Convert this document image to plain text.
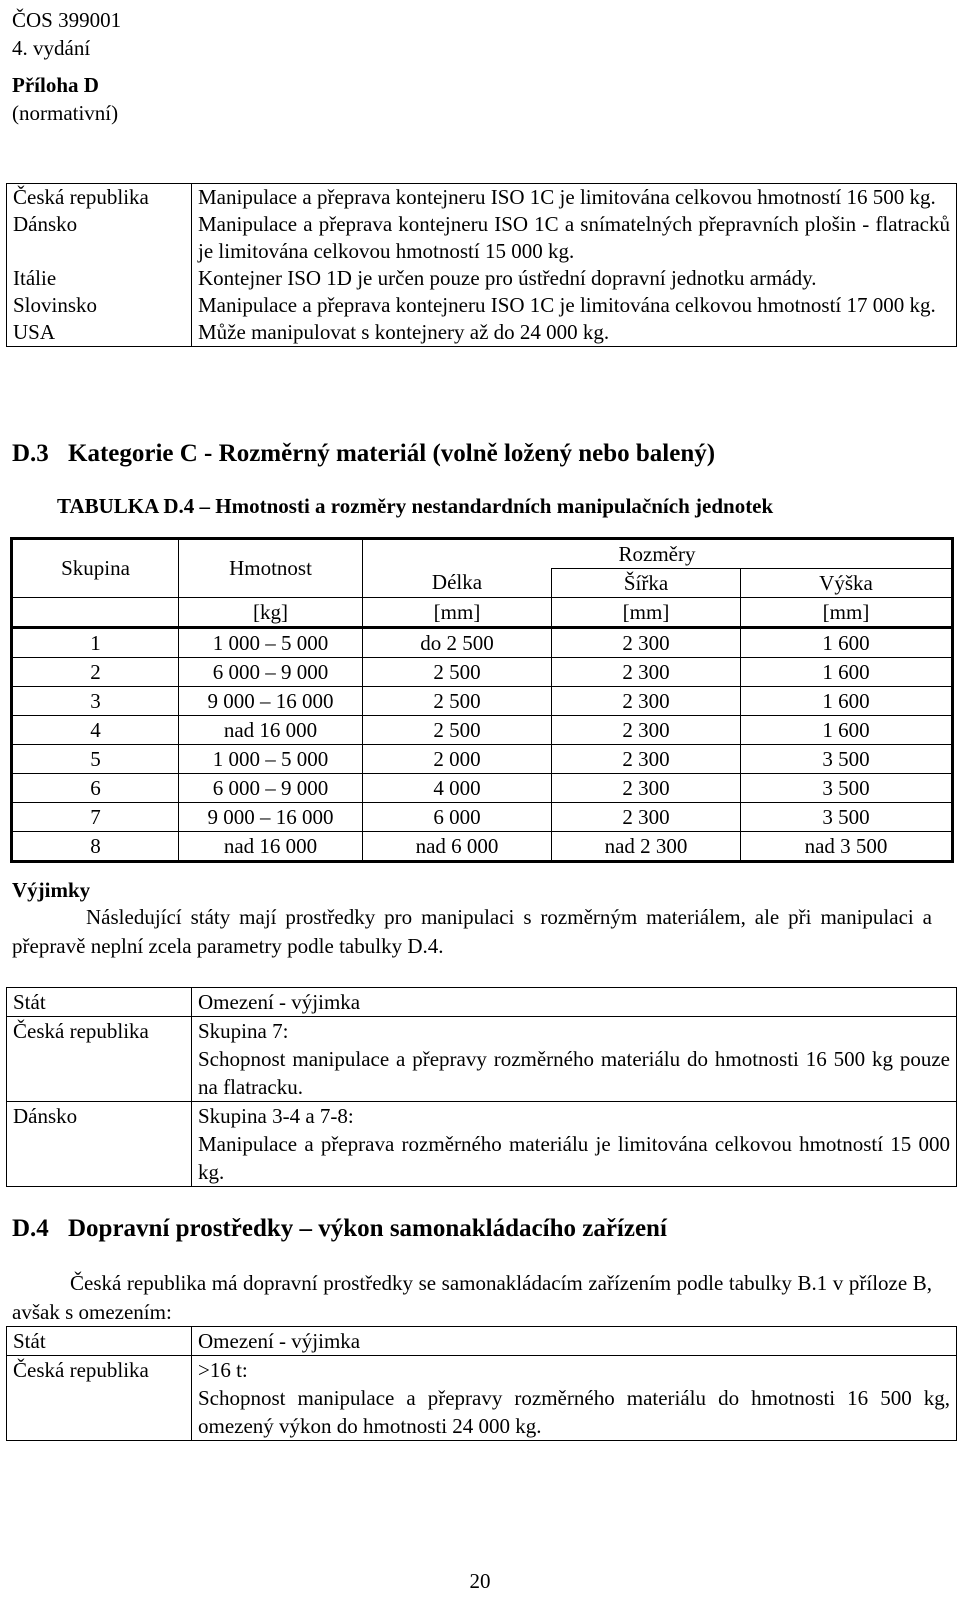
ČOS 399001
4. vydání
Příloha D
(normativní)
Česká republika	Manipulace a přeprava kontejneru ISO 1C je limitována celkovou hmotností 16 500 kg.
Dánsko	Manipulace a přeprava kontejneru ISO 1C a snímatelných přepravních plošin - flatracků je limitována celkovou hmotností 15 000 kg.
Itálie	Kontejner ISO 1D je určen pouze pro ústřední dopravní jednotku armády.
Slovinsko	Manipulace a přeprava kontejneru ISO 1C je limitována celkovou hmotností 17 000 kg.
USA	Může manipulovat s kontejnery až do 24 000 kg.
D.3 Kategorie C - Rozměrný materiál (volně ložený nebo balený)
TABULKA D.4 – Hmotnosti a rozměry nestandardních manipulačních jednotek
Skupina	Hmotnost	Rozměry		
		Délka	Šířka	Výška
	[kg]	[mm]	[mm]	[mm]
1	1 000 – 5 000	do 2 500	2 300	1 600
2	6 000 – 9 000	2 500	2 300	1 600
3	9 000 – 16 000	2 500	2 300	1 600
4	nad 16 000	2 500	2 300	1 600
5	1 000 – 5 000	2 000	2 300	3 500
6	6 000 – 9 000	4 000	2 300	3 500
7	9 000 – 16 000	6 000	2 300	3 500
8	nad 16 000	nad 6 000	nad 2 300	nad 3 500
Výjimky
Následující státy mají prostředky pro manipulaci s rozměrným materiálem, ale při manipulaci a přepravě neplní zcela parametry podle tabulky D.4.
Stát	Omezení - výjimka
Česká republika	Skupina 7:
Schopnost manipulace a přepravy rozměrného materiálu do hmotnosti 16 500 kg pouze na flatracku.

Dánsko	Skupina 3-4 a 7-8:
Manipulace a přeprava rozměrného materiálu je limitována celkovou hmotností 15 000 kg.
D.4 Dopravní prostředky – výkon samonakládacího zařízení
Česká republika má dopravní prostředky se samonakládacím zařízením podle tabulky B.1 v příloze B, avšak s omezením:
Stát	Omezení - výjimka
Česká republika	>16 t:
Schopnost manipulace a přepravy rozměrného materiálu do hmotnosti 16 500 kg, omezený výkon do hmotnosti 24 000 kg.
20
